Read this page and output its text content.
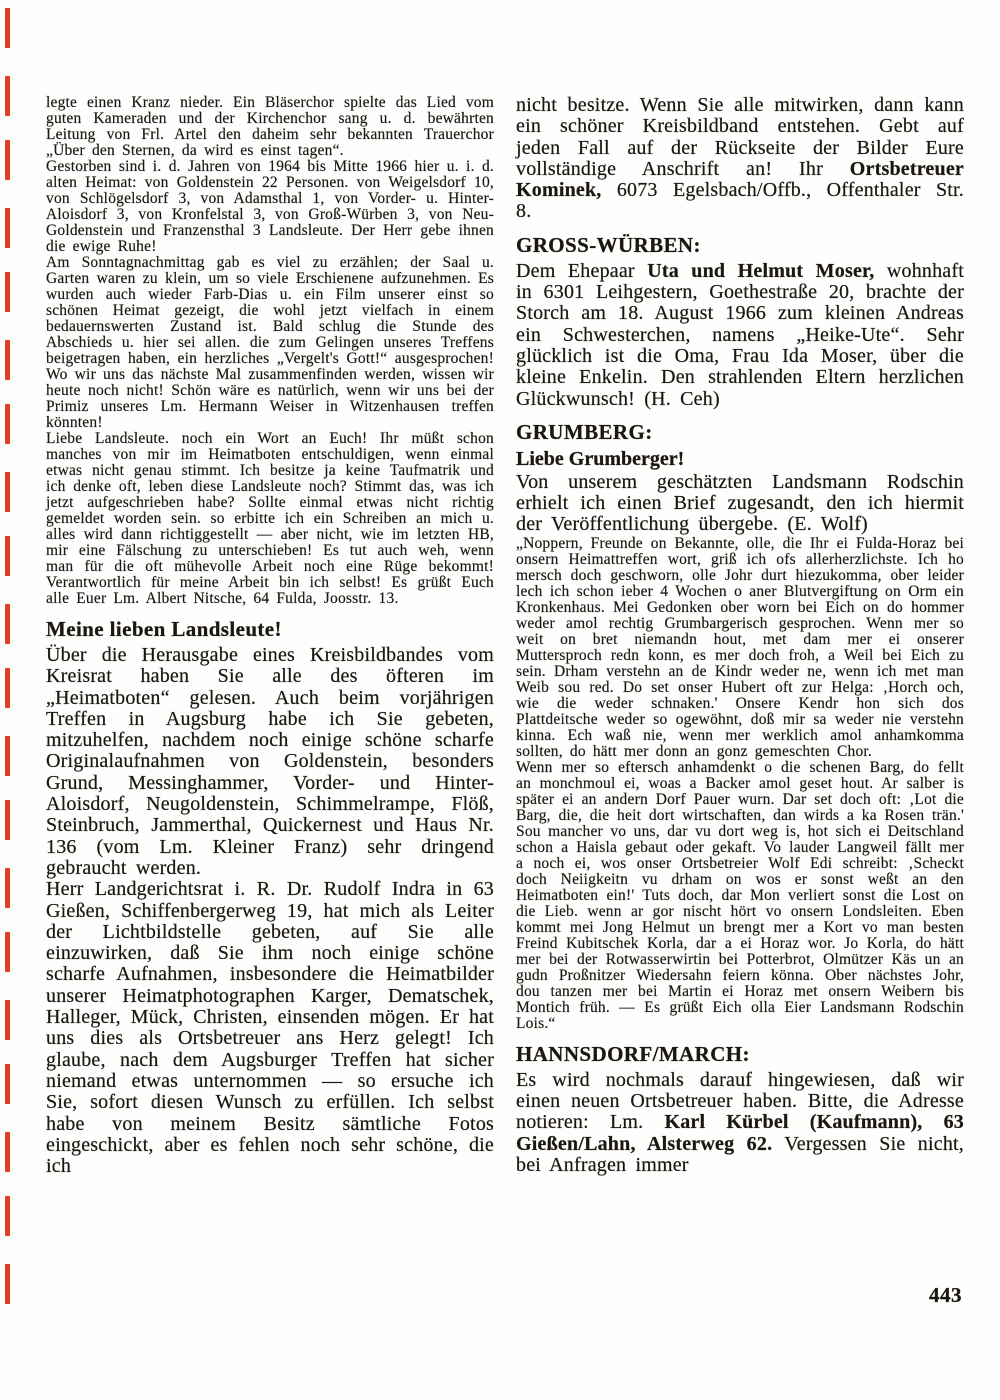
legte einen Kranz nieder. Ein Bläserchor spielte das Lied vom guten Kameraden und der Kirchenchor sang u. d. bewährten Leitung von Frl. Artel den daheim sehr bekannten Trauerchor „Über den Sternen, da wird es einst tagen“.

Gestorben sind i. d. Jahren von 1964 bis Mitte 1966 hier u. i. d. alten Heimat: von Goldenstein 22 Personen. von Weigelsdorf 10, von Schlögelsdorf 3, von Adamsthal 1, von Vorder- u. Hinter-Aloisdorf 3, von Kronfelstal 3, von Groß-Würben 3, von Neu-Goldenstein und Franzensthal 3 Landsleute. Der Herr gebe ihnen die ewige Ruhe!

Am Sonntagnachmittag gab es viel zu erzählen; der Saal u. Garten waren zu klein, um so viele Erschienene aufzunehmen. Es wurden auch wieder Farb-Dias u. ein Film unserer einst so schönen Heimat gezeigt, die wohl jetzt vielfach in einem bedauernswerten Zustand ist. Bald schlug die Stunde des Abschieds u. hier sei allen. die zum Gelingen unseres Treffens beigetragen haben, ein herzliches „Vergelt's Gott!“ ausgesprochen! Wo wir uns das nächste Mal zusammenfinden werden, wissen wir heute noch nicht! Schön wäre es natürlich, wenn wir uns bei der Primiz unseres Lm. Hermann Weiser in Witzenhausen treffen könnten!

Liebe Landsleute. noch ein Wort an Euch! Ihr müßt schon manches von mir im Heimatboten entschuldigen, wenn einmal etwas nicht genau stimmt. Ich besitze ja keine Taufmatrik und ich denke oft, leben diese Landsleute noch? Stimmt das, was ich jetzt aufgeschrieben habe? Sollte einmal etwas nicht richtig gemeldet worden sein. so erbitte ich ein Schreiben an mich u. alles wird dann richtiggestellt — aber nicht, wie im letzten HB, mir eine Fälschung zu unterschieben! Es tut auch weh, wenn man für die oft mühevolle Arbeit noch eine Rüge bekommt! Verantwortlich für meine Arbeit bin ich selbst! Es grüßt Euch alle Euer Lm. Albert Nitsche, 64 Fulda, Joosstr. 13.

Meine lieben Landsleute!

Über die Herausgabe eines Kreisbildbandes vom Kreisrat haben Sie alle des öfteren im „Heimatboten“ gelesen. Auch beim vorjährigen Treffen in Augsburg habe ich Sie gebeten, mitzuhelfen, nachdem noch einige schöne scharfe Originalaufnahmen von Goldenstein, besonders Grund, Messinghammer, Vorder- und Hinter-Aloisdorf, Neugoldenstein, Schimmelrampe, Flöß, Steinbruch, Jammerthal, Quickernest und Haus Nr. 136 (vom Lm. Kleiner Franz) sehr dringend gebraucht werden.

Herr Landgerichtsrat i. R. Dr. Rudolf Indra in 63 Gießen, Schiffenbergerweg 19, hat mich als Leiter der Lichtbildstelle gebeten, auf Sie alle einzuwirken, daß Sie ihm noch einige schöne scharfe Aufnahmen, insbesondere die Heimatbilder unserer Heimatphotographen Karger, Dematschek, Halleger, Mück, Christen, einsenden mögen. Er hat uns dies als Ortsbetreuer ans Herz gelegt! Ich glaube, nach dem Augsburger Treffen hat sicher niemand etwas unternommen — so ersuche ich Sie, sofort diesen Wunsch zu erfüllen. Ich selbst habe von meinem Besitz sämtliche Fotos eingeschickt, aber es fehlen noch sehr schöne, die ich

nicht besitze. Wenn Sie alle mitwirken, dann kann ein schöner Kreisbildband entstehen. Gebt auf jeden Fall auf der Rückseite der Bilder Eure vollständige Anschrift an! Ihr Ortsbetreuer Kominek, 6073 Egelsbach/Offb., Offenthaler Str. 8.

GROSS-WÜRBEN:

Dem Ehepaar Uta und Helmut Moser, wohnhaft in 6301 Leihgestern, Goethestraße 20, brachte der Storch am 18. August 1966 zum kleinen Andreas ein Schwesterchen, namens „Heike-Ute“. Sehr glücklich ist die Oma, Frau Ida Moser, über die kleine Enkelin. Den strahlenden Eltern herzlichen Glückwunsch! (H. Ceh)

GRUMBERG:

Liebe Grumberger!

Von unserem geschätzten Landsmann Rodschin erhielt ich einen Brief zugesandt, den ich hiermit der Veröffentlichung übergebe. (E. Wolf)

„Noppern, Freunde on Bekannte, olle, die Ihr ei Fulda-Horaz bei onsern Heimattreffen wort, griß ich ofs allerherzlichste. Ich ho mersch doch geschworn, olle Johr durt hiezukomma, ober leider lech ich schon ieber 4 Wochen o aner Blutvergiftung on Orm ein Kronkenhaus. Mei Gedonken ober worn bei Eich on do hommer weder amol rechtig Grumbargerisch gesprochen. Wenn mer so weit on bret niemandn hout, met dam mer ei onserer Muttersproch redn konn, es mer doch froh, a Weil bei Eich zu sein. Drham verstehn an de Kindr weder ne, wenn ich met man Weib sou red. Do set onser Hubert oft zur Helga: ‚Horch och, wie die weder schnaken.' Onsere Kendr hon sich dos Plattdeitsche weder so ogewöhnt, doß mir sa weder nie verstehn kinna. Ech waß nie, wenn mer werklich amol anhamkomma sollten, do hätt mer donn an gonz gemeschten Chor.

Wenn mer so eftersch anhamdenkt o die schenen Barg, do fellt an monchmoul ei, woas a Backer amol geset hout. Ar salber is später ei an andern Dorf Pauer wurn. Dar set doch oft: ‚Lot die Barg, die, die heit dort wirtschaften, dan wirds a ka Rosen trän.' Sou mancher vo uns, dar vu dort weg is, hot sich ei Deitschland schon a Haisla gebaut oder gekaft. Vo lauder Langweil fällt mer a noch ei, wos onser Ortsbetreier Wolf Edi schreibt: ‚Scheckt doch Neiigkeitn vu drham on wos er sonst weßt an den Heimatboten ein!' Tuts doch, dar Mon verliert sonst die Lost on die Lieb. wenn ar gor nischt hört vo onsern Londsleiten. Eben kommt mei Jong Helmut un brengt mer a Kort vo man besten Freind Kubitschek Korla, dar a ei Horaz wor. Jo Korla, do hätt mer bei der Rotwasserwirtin bei Potterbrot, Olmützer Käs un an gudn Proßnitzer Wiedersahn feiern könna. Ober nächstes Johr, dou tanzen mer bei Martin ei Horaz met onsern Weibern bis Montich früh. — Es grüßt Eich olla Eier Landsmann Rodschin Lois.“

HANNSDORF/MARCH:

Es wird nochmals darauf hingewiesen, daß wir einen neuen Ortsbetreuer haben. Bitte, die Adresse notieren: Lm. Karl Kürbel (Kaufmann), 63 Gießen/Lahn, Alsterweg 62. Vergessen Sie nicht, bei Anfragen immer

443
